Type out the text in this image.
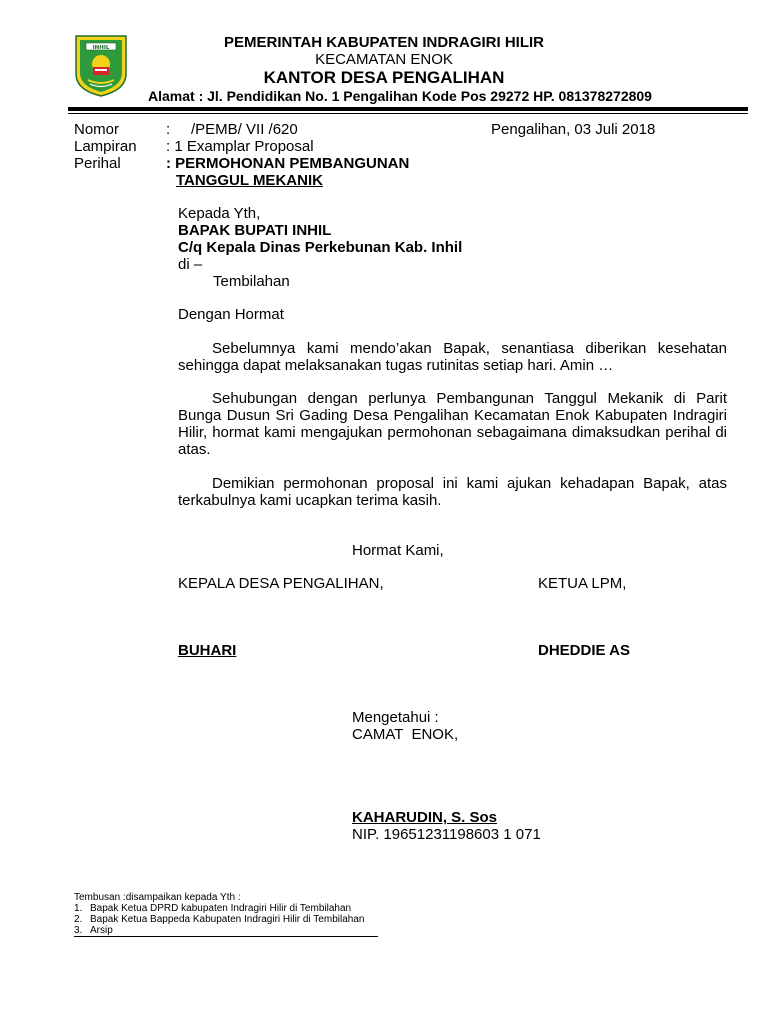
INHIL	PEMERINTAH KABUPATEN INDRAGIRI HILIR
KECAMATAN ENOK
KANTOR DESA PENGALIHAN
Alamat : Jl. Pendidikan No. 1 Pengalihan Kode Pos 29272 HP. 081378272809
Nomor	:     /PEMB/ VII /620	Pengalihan, 03 Juli 2018
Lampiran : 1 Examplar Proposal
Perihal	: PERMOHONAN PEMBANGUNAN
TANGGUL MEKANIK
Kepada Yth,
BAPAK BUPATI INHIL
C/q Kepala Dinas Perkebunan Kab. Inhil
di –
Tembilahan
Dengan Hormat
Sebelumnya kami mendo’akan Bapak, senantiasa diberikan kesehatan sehingga dapat melaksanakan tugas rutinitas setiap hari. Amin …
Sehubungan dengan perlunya Pembangunan Tanggul Mekanik di Parit Bunga Dusun Sri Gading Desa Pengalihan Kecamatan Enok Kabupaten Indragiri Hilir, hormat kami mengajukan permohonan sebagaimana dimaksudkan perihal di atas.
Demikian permohonan proposal ini kami ajukan kehadapan Bapak, atas terkabulnya kami ucapkan terima kasih.
Hormat Kami,
KEPALA DESA PENGALIHAN,	KETUA LPM,
BUHARI	DHEDDIE AS
Mengetahui :
CAMAT  ENOK,
KAHARUDIN, S. Sos
NIP. 19651231198603 1 071
Tembusan :disampaikan kepada Yth :
1. Bapak Ketua DPRD kabupaten Indragiri Hilir di Tembilahan
2. Bapak Ketua Bappeda Kabupaten Indragiri Hilir di Tembilahan
3. Arsip
